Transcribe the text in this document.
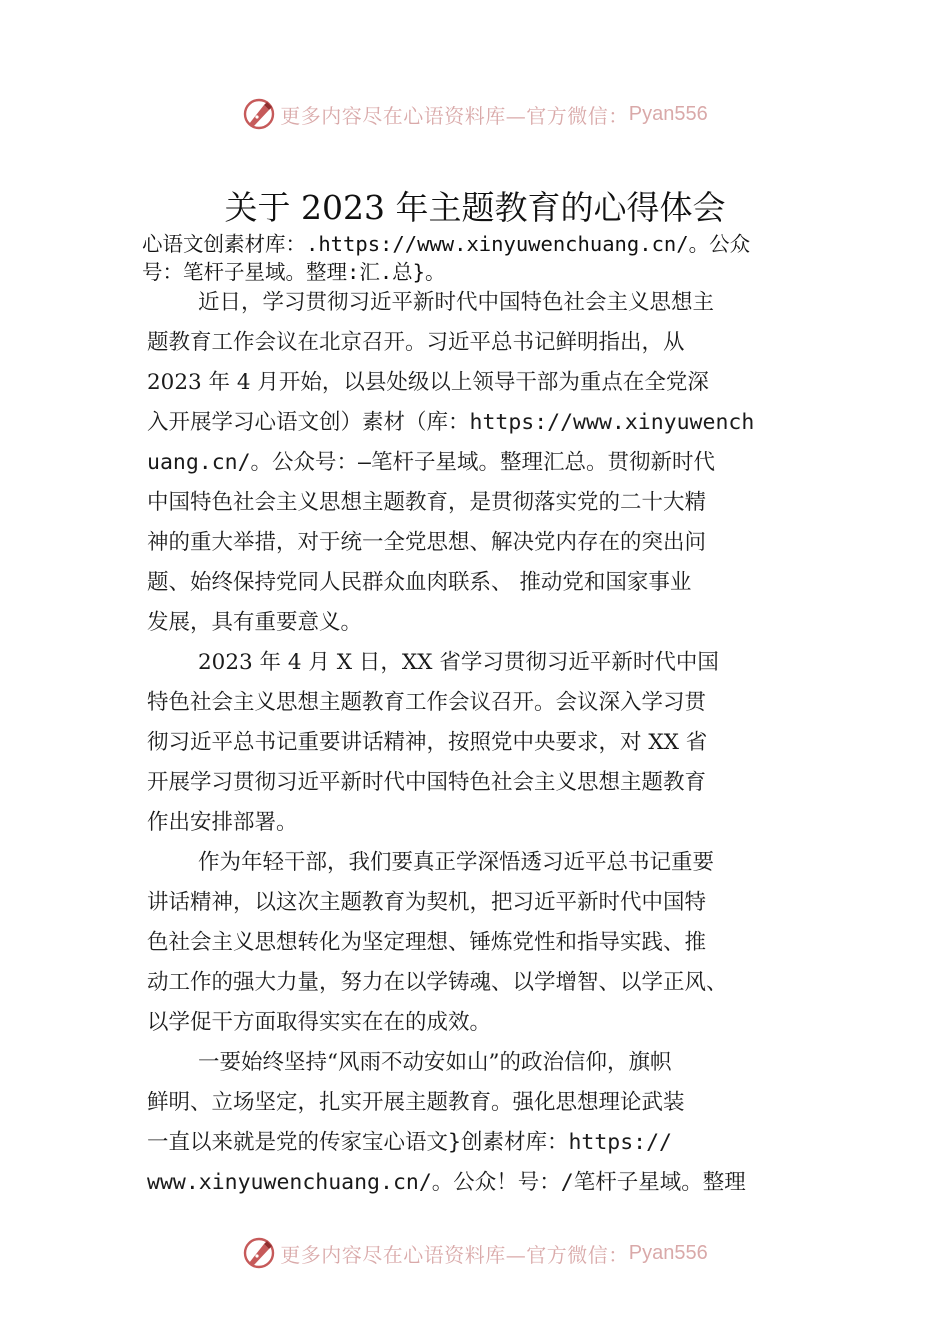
更多内容尽在心语资料库—官方微信： Pyan556
关于 2023 年主题教育的心得体会
心语文创素材库：.https://www.xinyuwenchuang.cn/。公众
号：笔杆子星域。整理:汇.总}。
近日，学习贯彻习近平新时代中国特色社会主义思想主
题教育工作会议在北京召开。习近平总书记鲜明指出，从
2023 年 4 月开始，以县处级以上领导干部为重点在全党深
入开展学习心语文创）素材（库：https://www.xinyuwench
uang.cn/。公众号：—笔杆子星域。整理汇总。贯彻新时代
中国特色社会主义思想主题教育，是贯彻落实党的二十大精
神的重大举措，对于统一全党思想、解决党内存在的突出问
题、始终保持党同人民群众血肉联系、 推动党和国家事业
发展，具有重要意义。
2023 年 4 月 X 日，XX 省学习贯彻习近平新时代中国
特色社会主义思想主题教育工作会议召开。会议深入学习贯
彻习近平总书记重要讲话精神，按照党中央要求，对 XX 省
开展学习贯彻习近平新时代中国特色社会主义思想主题教育
作出安排部署。
作为年轻干部，我们要真正学深悟透习近平总书记重要
讲话精神，以这次主题教育为契机，把习近平新时代中国特
色社会主义思想转化为坚定理想、锤炼党性和指导实践、推
动工作的强大力量，努力在以学铸魂、以学增智、以学正风、
以学促干方面取得实实在在的成效。
一要始终坚持“风雨不动安如山”的政治信仰，旗帜
鲜明、立场坚定，扎实开展主题教育。强化思想理论武装
一直以来就是党的传家宝心语文}创素材库：https://
www.xinyuwenchuang.cn/。公众！号：/笔杆子星域。整理
更多内容尽在心语资料库—官方微信： Pyan556
